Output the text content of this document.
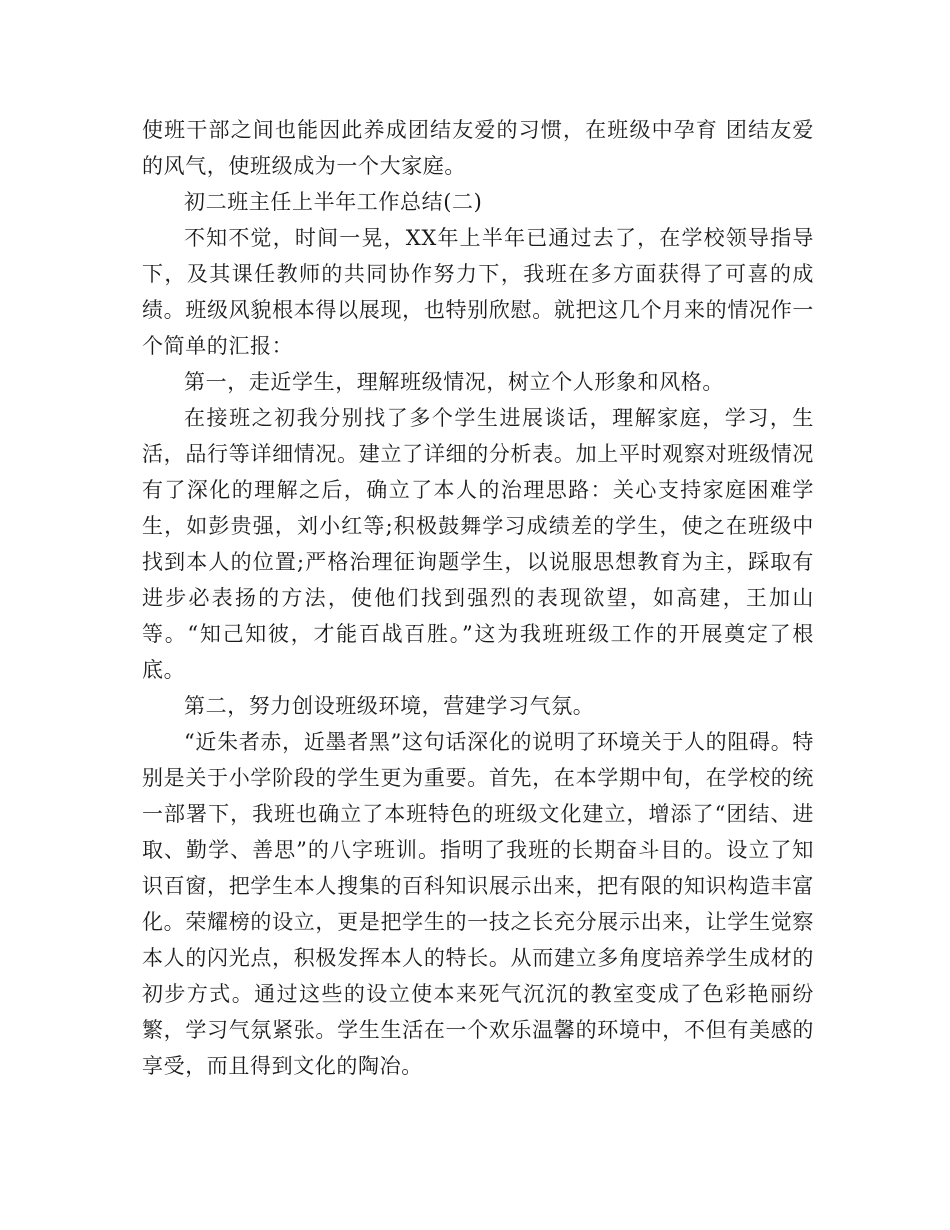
使班干部之间也能因此养成团结友爱的习惯，在班级中孕育 团结友爱的风气，使班级成为一个大家庭。

初二班主任上半年工作总结(二)

不知不觉，时间一晃，XX年上半年已通过去了，在学校领导指导下，及其课任教师的共同协作努力下，我班在多方面获得了可喜的成绩。班级风貌根本得以展现，也特别欣慰。就把这几个月来的情况作一个简单的汇报：

第一，走近学生，理解班级情况，树立个人形象和风格。

在接班之初我分别找了多个学生进展谈话，理解家庭，学习，生活，品行等详细情况。建立了详细的分析表。加上平时观察对班级情况有了深化的理解之后，确立了本人的治理思路：关心支持家庭困难学生，如彭贵强，刘小红等;积极鼓舞学习成绩差的学生，使之在班级中找到本人的位置;严格治理征询题学生，以说服思想教育为主，踩取有进步必表扬的方法，使他们找到强烈的表现欲望，如高建，王加山等。“知己知彼，才能百战百胜。”这为我班班级工作的开展奠定了根底。

第二，努力创设班级环境，营建学习气氛。

“近朱者赤，近墨者黑”这句话深化的说明了环境关于人的阻碍。特别是关于小学阶段的学生更为重要。首先，在本学期中旬，在学校的统一部署下，我班也确立了本班特色的班级文化建立，增添了“团结、进取、勤学、善思”的八字班训。指明了我班的长期奋斗目的。设立了知识百窗，把学生本人搜集的百科知识展示出来，把有限的知识构造丰富化。荣耀榜的设立，更是把学生的一技之长充分展示出来，让学生觉察本人的闪光点，积极发挥本人的特长。从而建立多角度培养学生成材的初步方式。通过这些的设立使本来死气沉沉的教室变成了色彩艳丽纷繁，学习气氛紧张。学生生活在一个欢乐温馨的环境中，不但有美感的享受，而且得到文化的陶冶。
